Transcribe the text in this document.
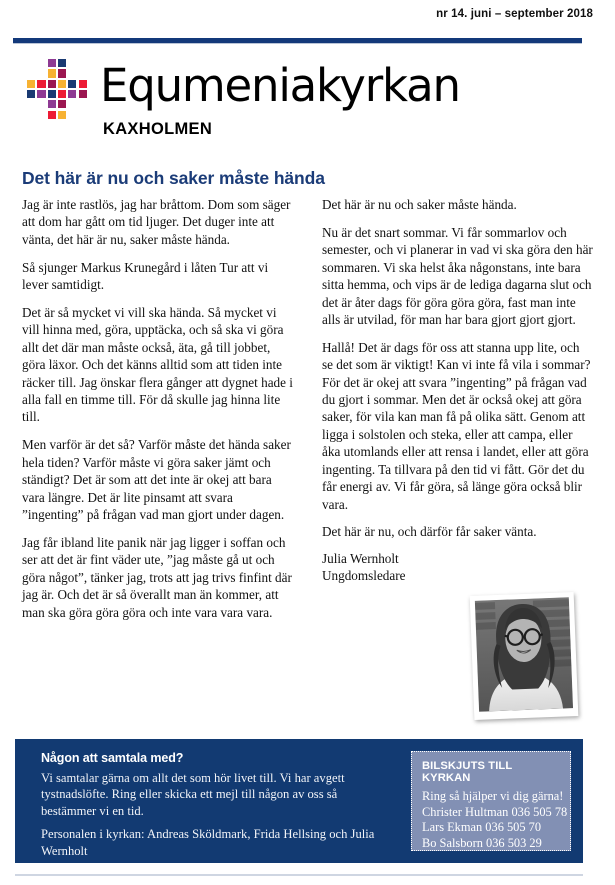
nr 14. juni – september 2018
Equmeniakyrkan
KAXHOLMEN
Det här är nu och saker måste hända

Jag är inte rastlös, jag har bråttom. Dom som säger att dom har gått om tid ljuger. Det duger inte att vänta, det här är nu, saker måste hända.

Så sjunger Markus Krunegård i låten Tur att vi lever samtidigt.

Det är så mycket vi vill ska hända. Så mycket vi vill hinna med, göra, upptäcka, och så ska vi göra allt det där man måste också, äta, gå till jobbet, göra läxor. Och det känns alltid som att tiden inte räcker till. Jag önskar flera gånger att dygnet hade i alla fall en timme till. För då skulle jag hinna lite till.

Men varför är det så? Varför måste det hända saker hela tiden? Varför måste vi göra saker jämt och ständigt? Det är som att det inte är okej att bara vara längre. Det är lite pinsamt att svara ”ingenting” på frågan vad man gjort under dagen.

Jag får ibland lite panik när jag ligger i soffan och ser att det är fint väder ute, ”jag måste gå ut och göra något”, tänker jag, trots att jag trivs finfint där jag är. Och det är så överallt man än kommer, att man ska göra göra göra och inte vara vara vara.

Det här är nu och saker måste hända.

Nu är det snart sommar. Vi får sommarlov och semester, och vi planerar in vad vi ska göra den här sommaren. Vi ska helst åka någonstans, inte bara sitta hemma, och vips är de lediga dagarna slut och det är åter dags för göra göra göra, fast man inte alls är utvilad, för man har bara gjort gjort gjort.

Hallå! Det är dags för oss att stanna upp lite, och se det som är viktigt! Kan vi inte få vila i sommar? För det är okej att svara ”ingenting” på frågan vad du gjort i sommar. Men det är också okej att göra saker, för vila kan man få på olika sätt. Genom att ligga i solstolen och steka, eller att campa, eller åka utomlands eller att rensa i landet, eller att göra ingenting. Ta tillvara på den tid vi fått. Gör det du får energi av. Vi får göra, så länge göra också blir vara.

Det här är nu, och därför får saker vänta.

Julia Wernholt
Ungdomsledare
Någon att samtala med?

Vi samtalar gärna om allt det som hör livet till. Vi har avgett tystnadslöfte. Ring eller skicka ett mejl till någon av oss så bestämmer vi en tid.

Personalen i kyrkan: Andreas Sköldmark, Frida Hellsing och Julia Wernholt

BILSKJUTS TILL KYRKAN
Ring så hjälper vi dig gärna!
Christer Hultman 036 505 78
Lars Ekman 036 505 70
Bo Salsborn 036 503 29
